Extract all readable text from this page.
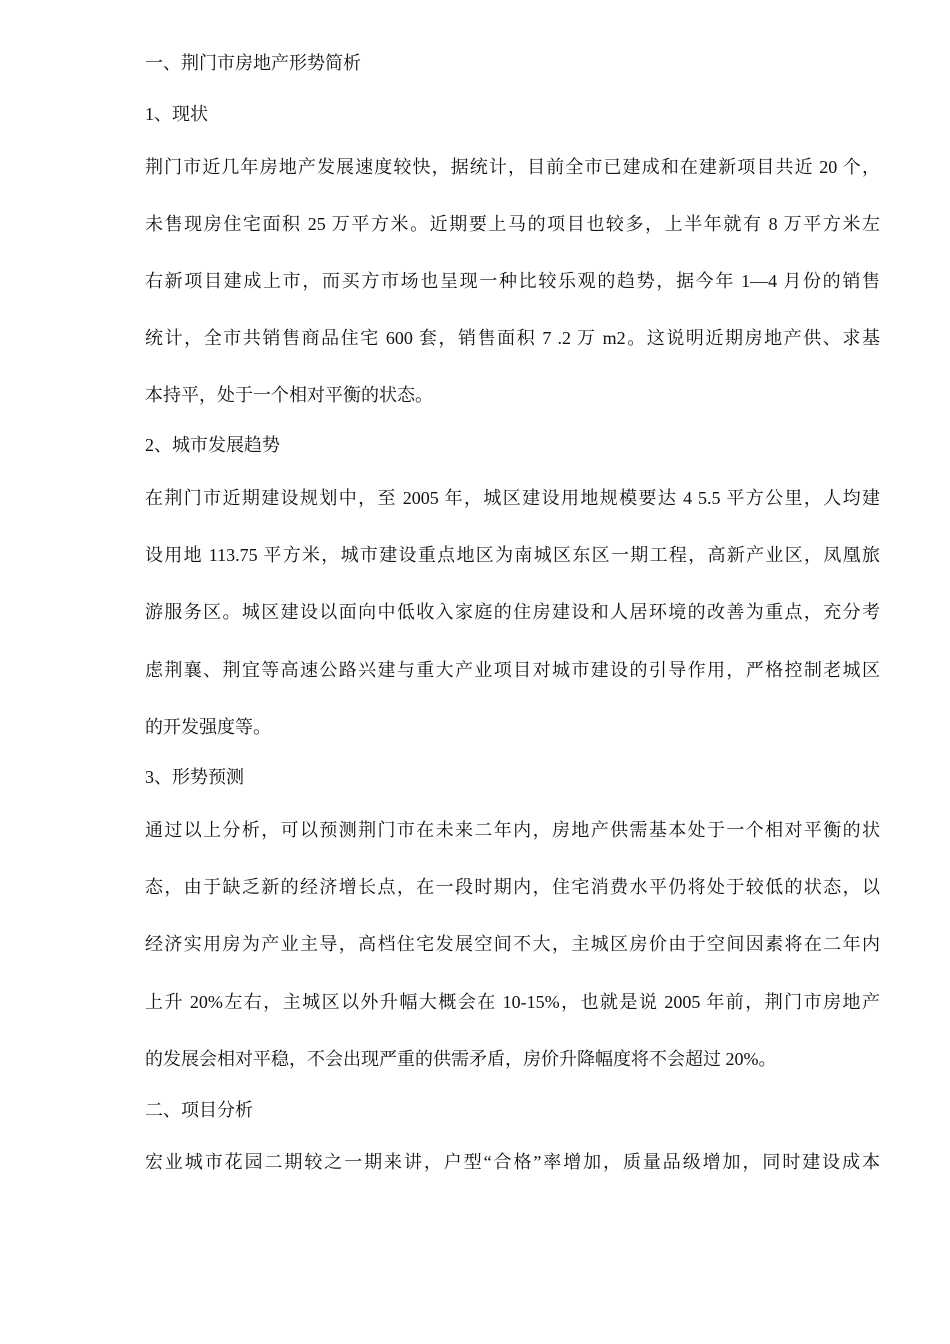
一、荆门市房地产形势简析
1、现状
荆门市近几年房地产发展速度较快，据统计，目前全市已建成和在建新项目共近 20 个，
未售现房住宅面积 25 万平方米。近期要上马的项目也较多，上半年就有 8 万平方米左
右新项目建成上市，而买方市场也呈现一种比较乐观的趋势，据今年 1—4 月份的销售
统计，全市共销售商品住宅 600 套，销售面积 7 .2 万 m2。这说明近期房地产供、求基
本持平，处于一个相对平衡的状态。
2、城市发展趋势
在荆门市近期建设规划中，至 2005 年，城区建设用地规模要达 4 5.5 平方公里，人均建
设用地 113.75 平方米，城市建设重点地区为南城区东区一期工程，高新产业区，凤凰旅
游服务区。城区建设以面向中低收入家庭的住房建设和人居环境的改善为重点，充分考
虑荆襄、荆宜等高速公路兴建与重大产业项目对城市建设的引导作用，严格控制老城区
的开发强度等。
3、形势预测
通过以上分析，可以预测荆门市在未来二年内，房地产供需基本处于一个相对平衡的状
态，由于缺乏新的经济增长点，在一段时期内，住宅消费水平仍将处于较低的状态，以
经济实用房为产业主导，高档住宅发展空间不大，主城区房价由于空间因素将在二年内
上升 20%左右，主城区以外升幅大概会在 10-15%，也就是说 2005 年前，荆门市房地产
的发展会相对平稳，不会出现严重的供需矛盾，房价升降幅度将不会超过 20%。
二、项目分析
宏业城市花园二期较之一期来讲，户型“合格”率增加，质量品级增加，同时建设成本
